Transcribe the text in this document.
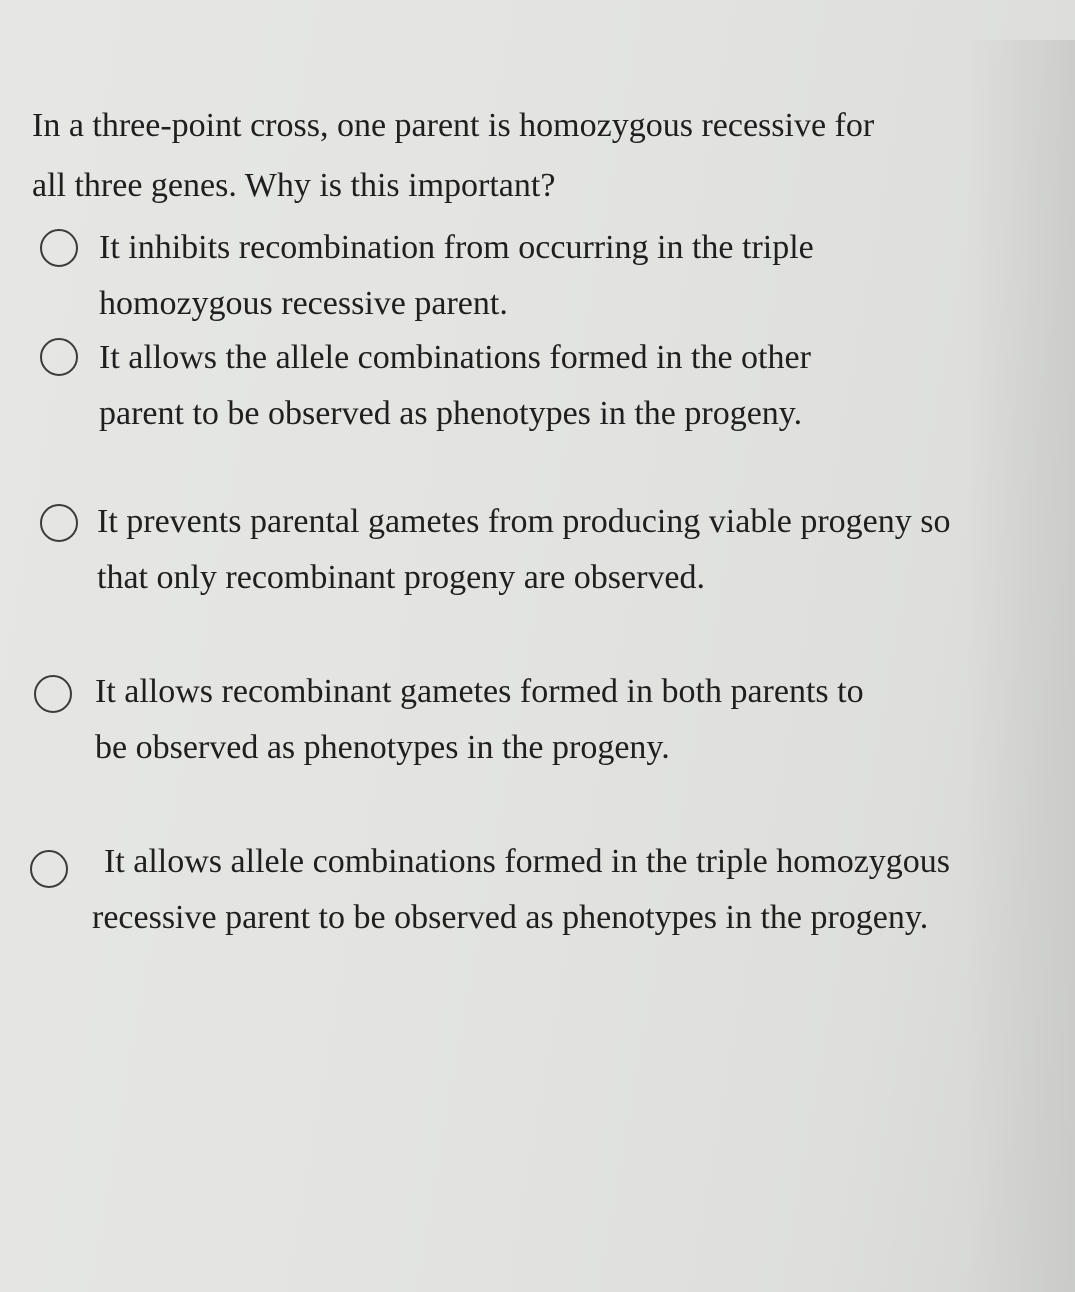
In a three-point cross, one parent is homozygous recessive for all three genes. Why is this important?

It inhibits recombination from occurring in the triple homozygous recessive parent.

It allows the allele combinations formed in the other parent to be observed as phenotypes in the progeny.

It prevents parental gametes from producing viable progeny so that only recombinant progeny are observed.

It allows recombinant gametes formed in both parents to be observed as phenotypes in the progeny.

It allows allele combinations formed in the triple homozygous recessive parent to be observed as phenotypes in the progeny.
